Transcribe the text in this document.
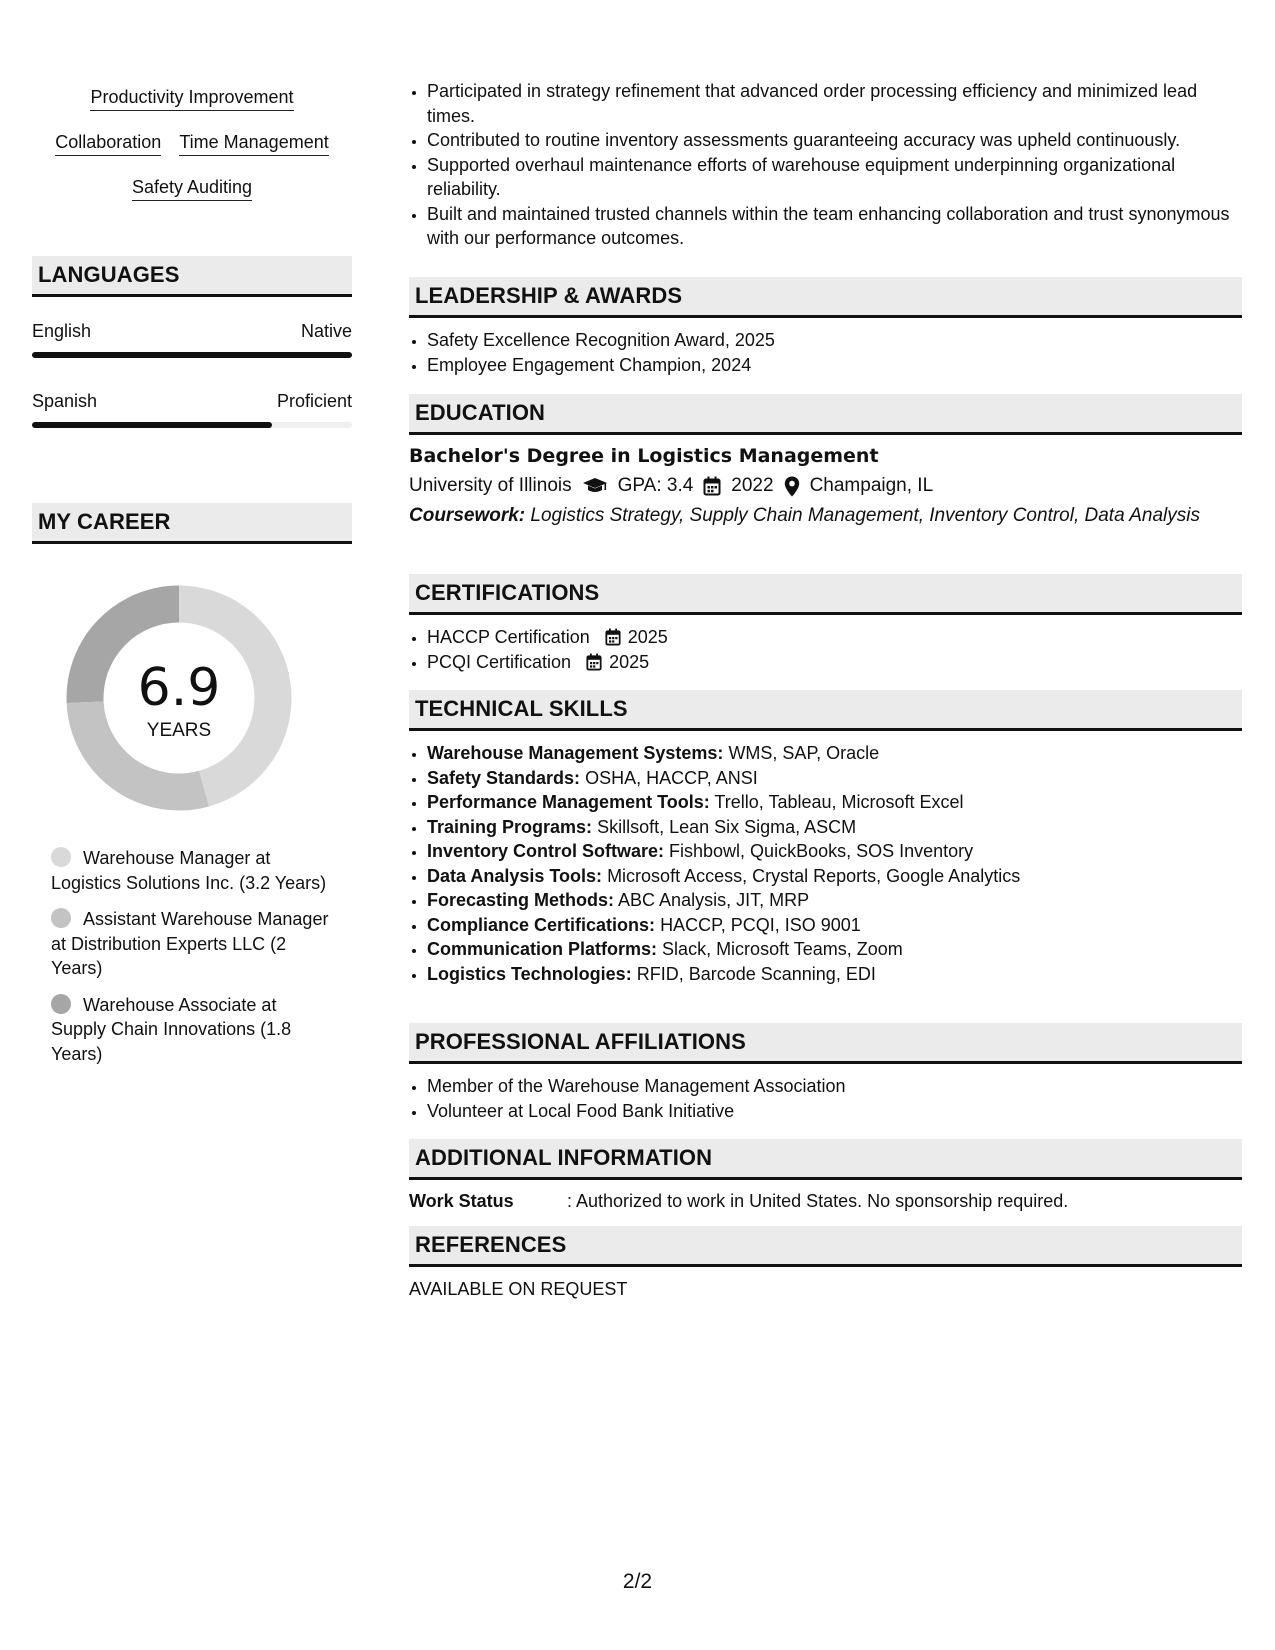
Productivity Improvement
Collaboration Time Management
Safety Auditing
LANGUAGES
English	Native
Spanish	Proficient
MY CAREER
6.9
YEARS
Warehouse Manager at Logistics Solutions Inc. (3.2 Years)
Assistant Warehouse Manager at Distribution Experts LLC (2 Years)
Warehouse Associate at Supply Chain Innovations (1.8 Years)
• Participated in strategy refinement that advanced order processing efficiency and minimized lead times.
• Contributed to routine inventory assessments guaranteeing accuracy was upheld continuously.
• Supported overhaul maintenance efforts of warehouse equipment underpinning organizational reliability.
• Built and maintained trusted channels within the team enhancing collaboration and trust synonymous with our performance outcomes.
LEADERSHIP & AWARDS
• Safety Excellence Recognition Award, 2025
• Employee Engagement Champion, 2024
EDUCATION
Bachelor's Degree in Logistics Management
University of Illinois GPA: 3.4 2022 Champaign, IL
Coursework: Logistics Strategy, Supply Chain Management, Inventory Control, Data Analysis
CERTIFICATIONS
• HACCP Certification 2025
• PCQI Certification 2025
TECHNICAL SKILLS
• Warehouse Management Systems: WMS, SAP, Oracle
• Safety Standards: OSHA, HACCP, ANSI
• Performance Management Tools: Trello, Tableau, Microsoft Excel
• Training Programs: Skillsoft, Lean Six Sigma, ASCM
• Inventory Control Software: Fishbowl, QuickBooks, SOS Inventory
• Data Analysis Tools: Microsoft Access, Crystal Reports, Google Analytics
• Forecasting Methods: ABC Analysis, JIT, MRP
• Compliance Certifications: HACCP, PCQI, ISO 9001
• Communication Platforms: Slack, Microsoft Teams, Zoom
• Logistics Technologies: RFID, Barcode Scanning, EDI
PROFESSIONAL AFFILIATIONS
• Member of the Warehouse Management Association
• Volunteer at Local Food Bank Initiative
ADDITIONAL INFORMATION
Work Status	: Authorized to work in United States. No sponsorship required.
REFERENCES
AVAILABLE ON REQUEST
2/2
